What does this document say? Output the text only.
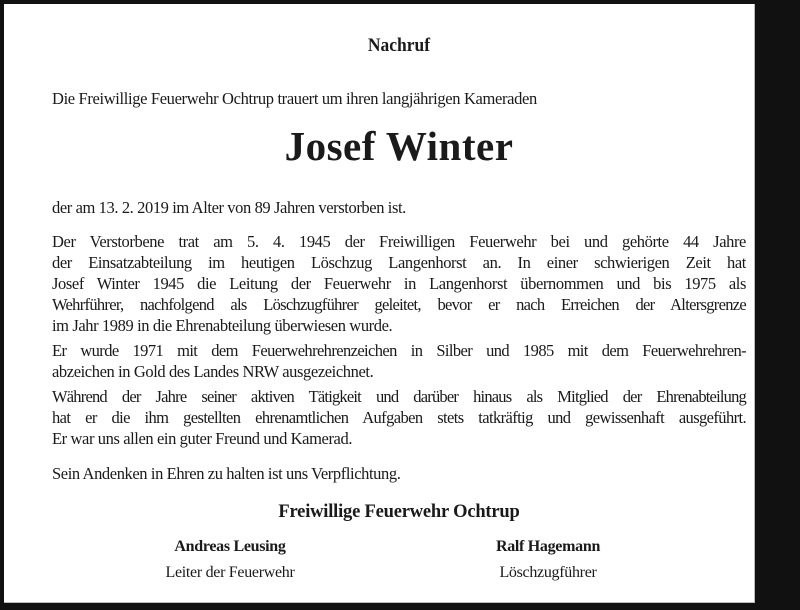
Nachruf
Die Freiwillige Feuerwehr Ochtrup trauert um ihren langjährigen Kameraden
Josef Winter
der am 13. 2. 2019 im Alter von 89 Jahren verstorben ist.
Der Verstorbene trat am 5. 4. 1945 der Freiwilligen Feuerwehr bei und gehörte 44 Jahre
der Einsatzabteilung im heutigen Löschzug Langenhorst an. In einer schwierigen Zeit hat
Josef Winter 1945 die Leitung der Feuerwehr in Langenhorst übernommen und bis 1975 als
Wehrführer, nachfolgend als Löschzugführer geleitet, bevor er nach Erreichen der Altersgrenze
im Jahr 1989 in die Ehrenabteilung überwiesen wurde.
Er wurde 1971 mit dem Feuerwehrehrenzeichen in Silber und 1985 mit dem Feuerwehrehren-
abzeichen in Gold des Landes NRW ausgezeichnet.
Während der Jahre seiner aktiven Tätigkeit und darüber hinaus als Mitglied der Ehrenabteilung
hat er die ihm gestellten ehrenamtlichen Aufgaben stets tatkräftig und gewissenhaft ausgeführt.
Er war uns allen ein guter Freund und Kamerad.
Sein Andenken in Ehren zu halten ist uns Verpflichtung.
Freiwillige Feuerwehr Ochtrup
Andreas Leusing
Leiter der Feuerwehr
Ralf Hagemann
Löschzugführer
